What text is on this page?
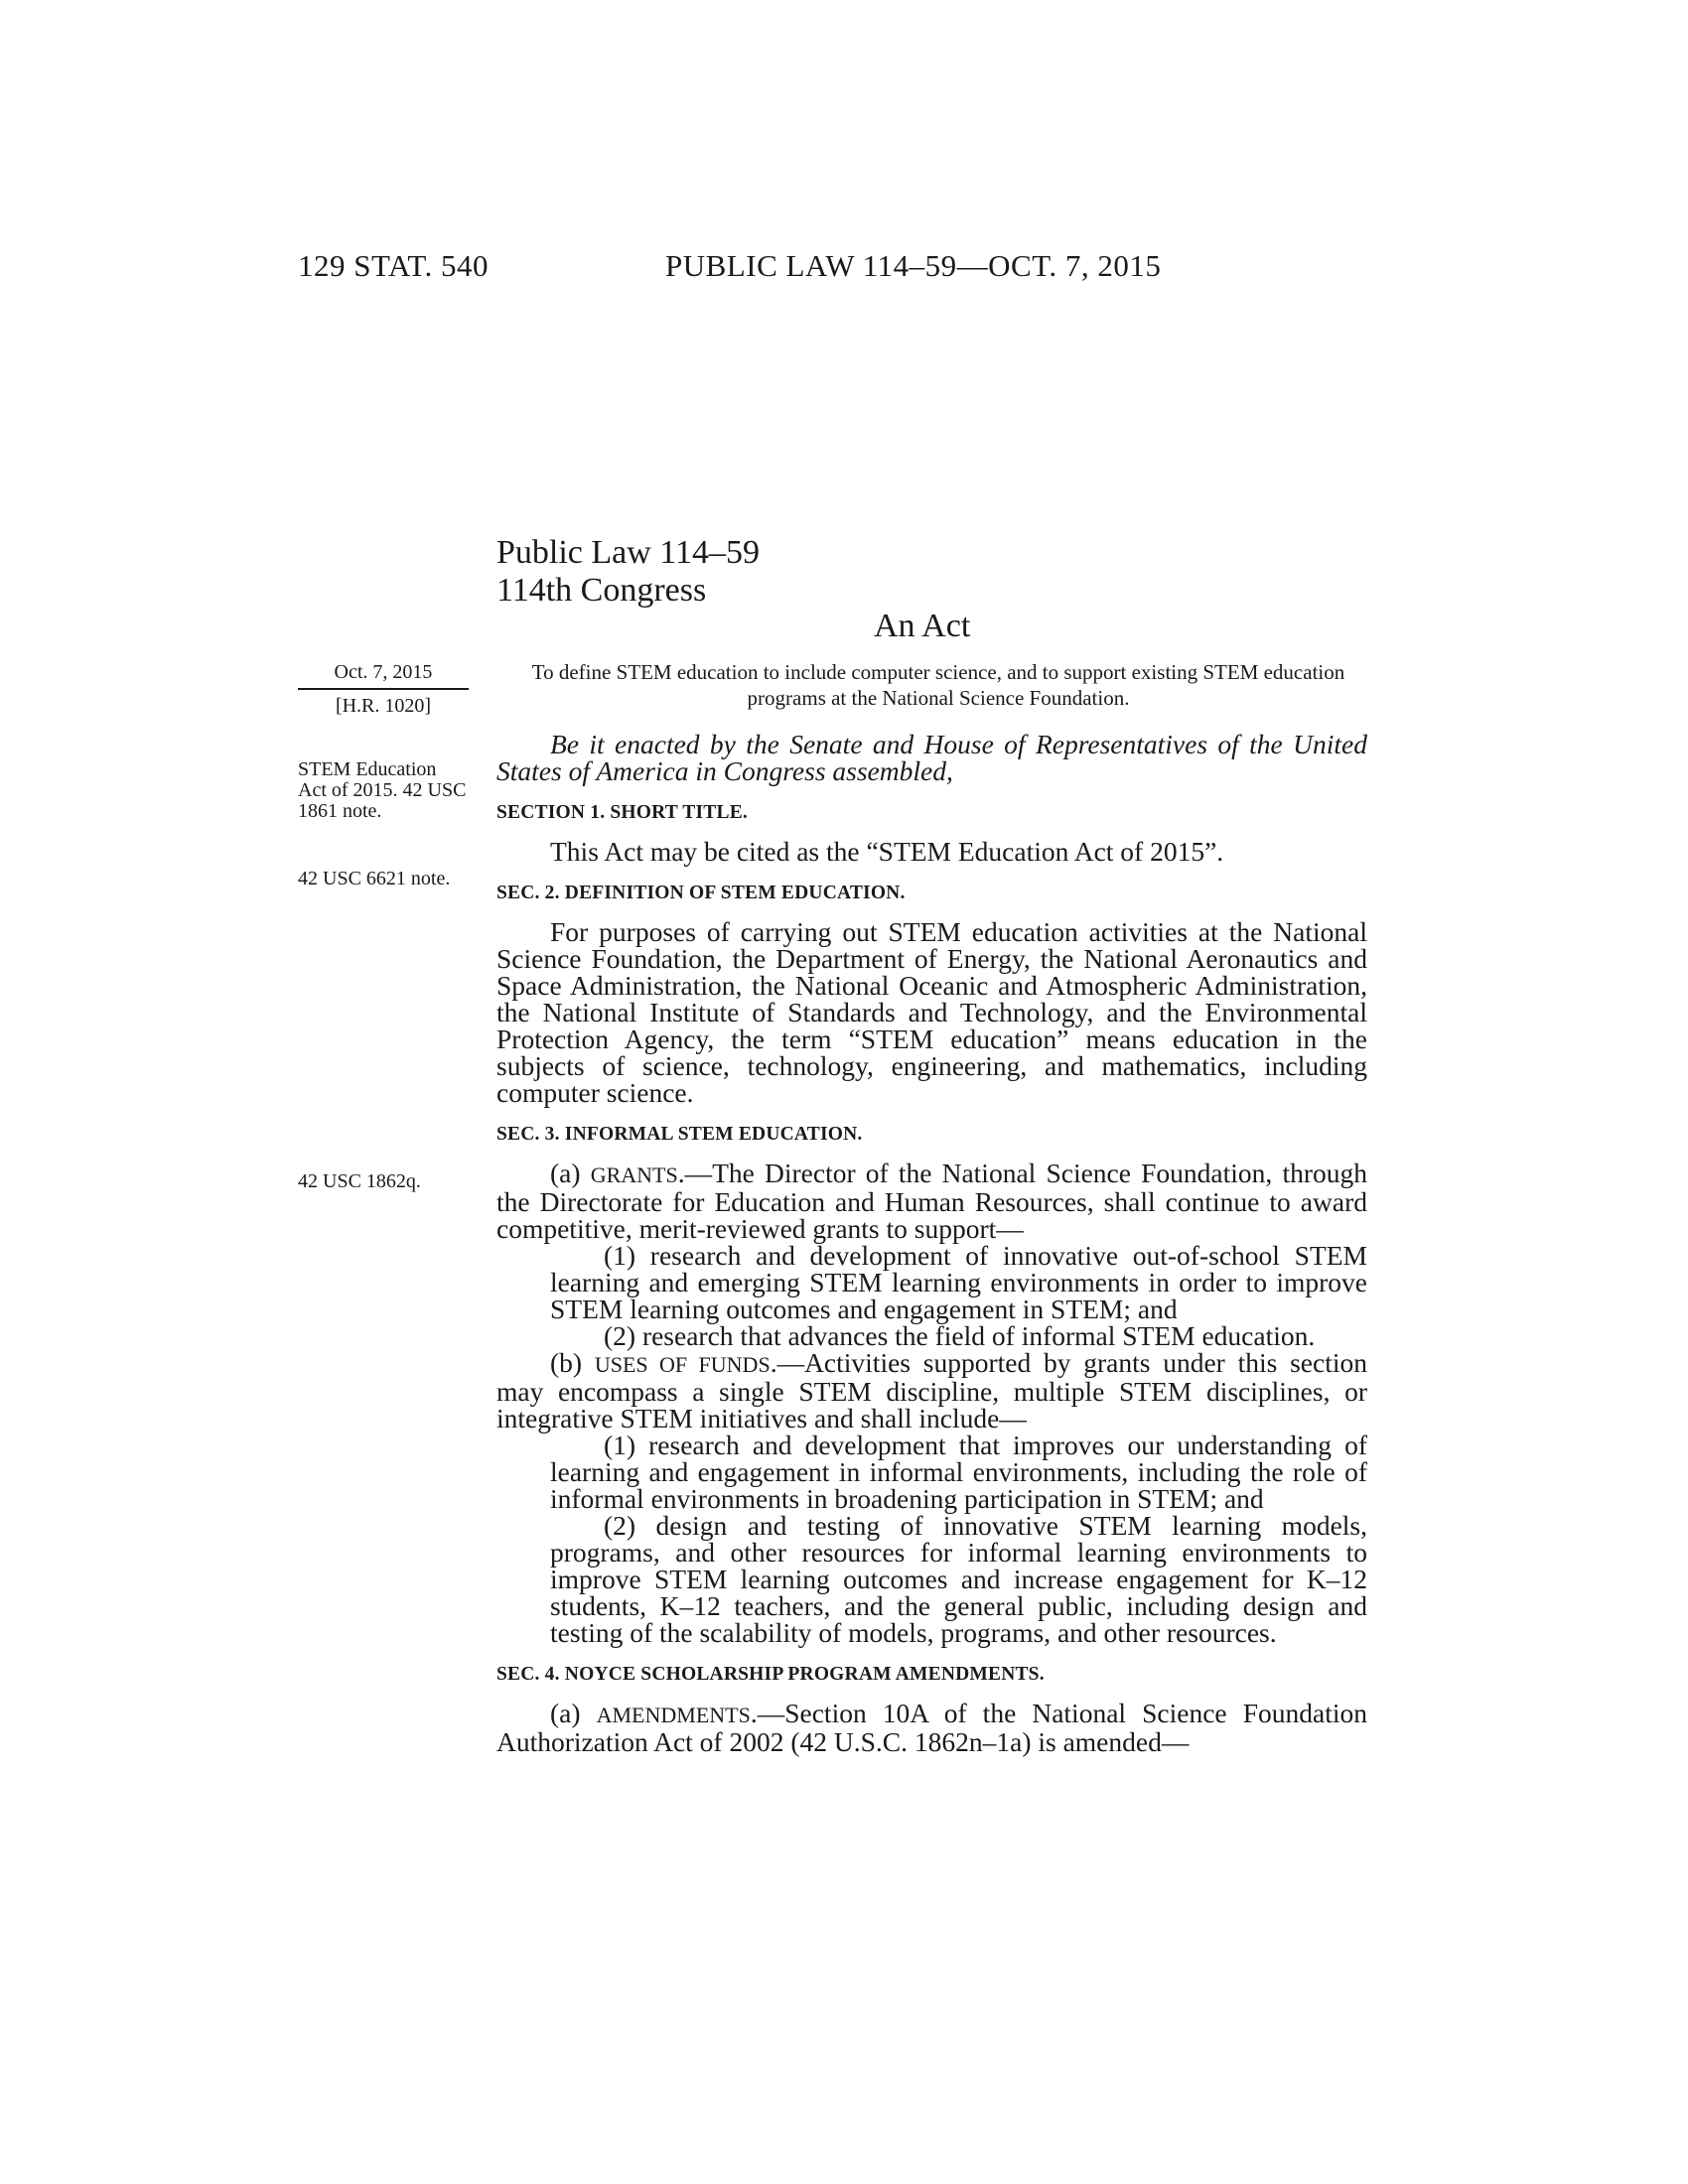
129 STAT. 540	PUBLIC LAW 114–59—OCT. 7, 2015
Public Law 114–59
114th Congress
An Act
Oct. 7, 2015
[H.R. 1020]
To define STEM education to include computer science, and to support existing STEM education programs at the National Science Foundation.
STEM Education Act of 2015. 42 USC 1861 note.
42 USC 6621 note.
42 USC 1862q.

Be it enacted by the Senate and House of Representatives of the United States of America in Congress assembled,

SECTION 1. SHORT TITLE.

This Act may be cited as the “STEM Education Act of 2015”.

SEC. 2. DEFINITION OF STEM EDUCATION.

For purposes of carrying out STEM education activities at the National Science Foundation, the Department of Energy, the National Aeronautics and Space Administration, the National Oceanic and Atmospheric Administration, the National Institute of Standards and Technology, and the Environmental Protection Agency, the term “STEM education” means education in the subjects of science, technology, engineering, and mathematics, including computer science.

SEC. 3. INFORMAL STEM EDUCATION.

(a) GRANTS.—The Director of the National Science Foundation, through the Directorate for Education and Human Resources, shall continue to award competitive, merit-reviewed grants to support—

(1) research and development of innovative out-of-school STEM learning and emerging STEM learning environments in order to improve STEM learning outcomes and engagement in STEM; and

(2) research that advances the field of informal STEM education.

(b) USES OF FUNDS.—Activities supported by grants under this section may encompass a single STEM discipline, multiple STEM disciplines, or integrative STEM initiatives and shall include—

(1) research and development that improves our understanding of learning and engagement in informal environments, including the role of informal environments in broadening participation in STEM; and

(2) design and testing of innovative STEM learning models, programs, and other resources for informal learning environments to improve STEM learning outcomes and increase engagement for K–12 students, K–12 teachers, and the general public, including design and testing of the scalability of models, programs, and other resources.

SEC. 4. NOYCE SCHOLARSHIP PROGRAM AMENDMENTS.

(a) AMENDMENTS.—Section 10A of the National Science Foundation Authorization Act of 2002 (42 U.S.C. 1862n–1a) is amended—
